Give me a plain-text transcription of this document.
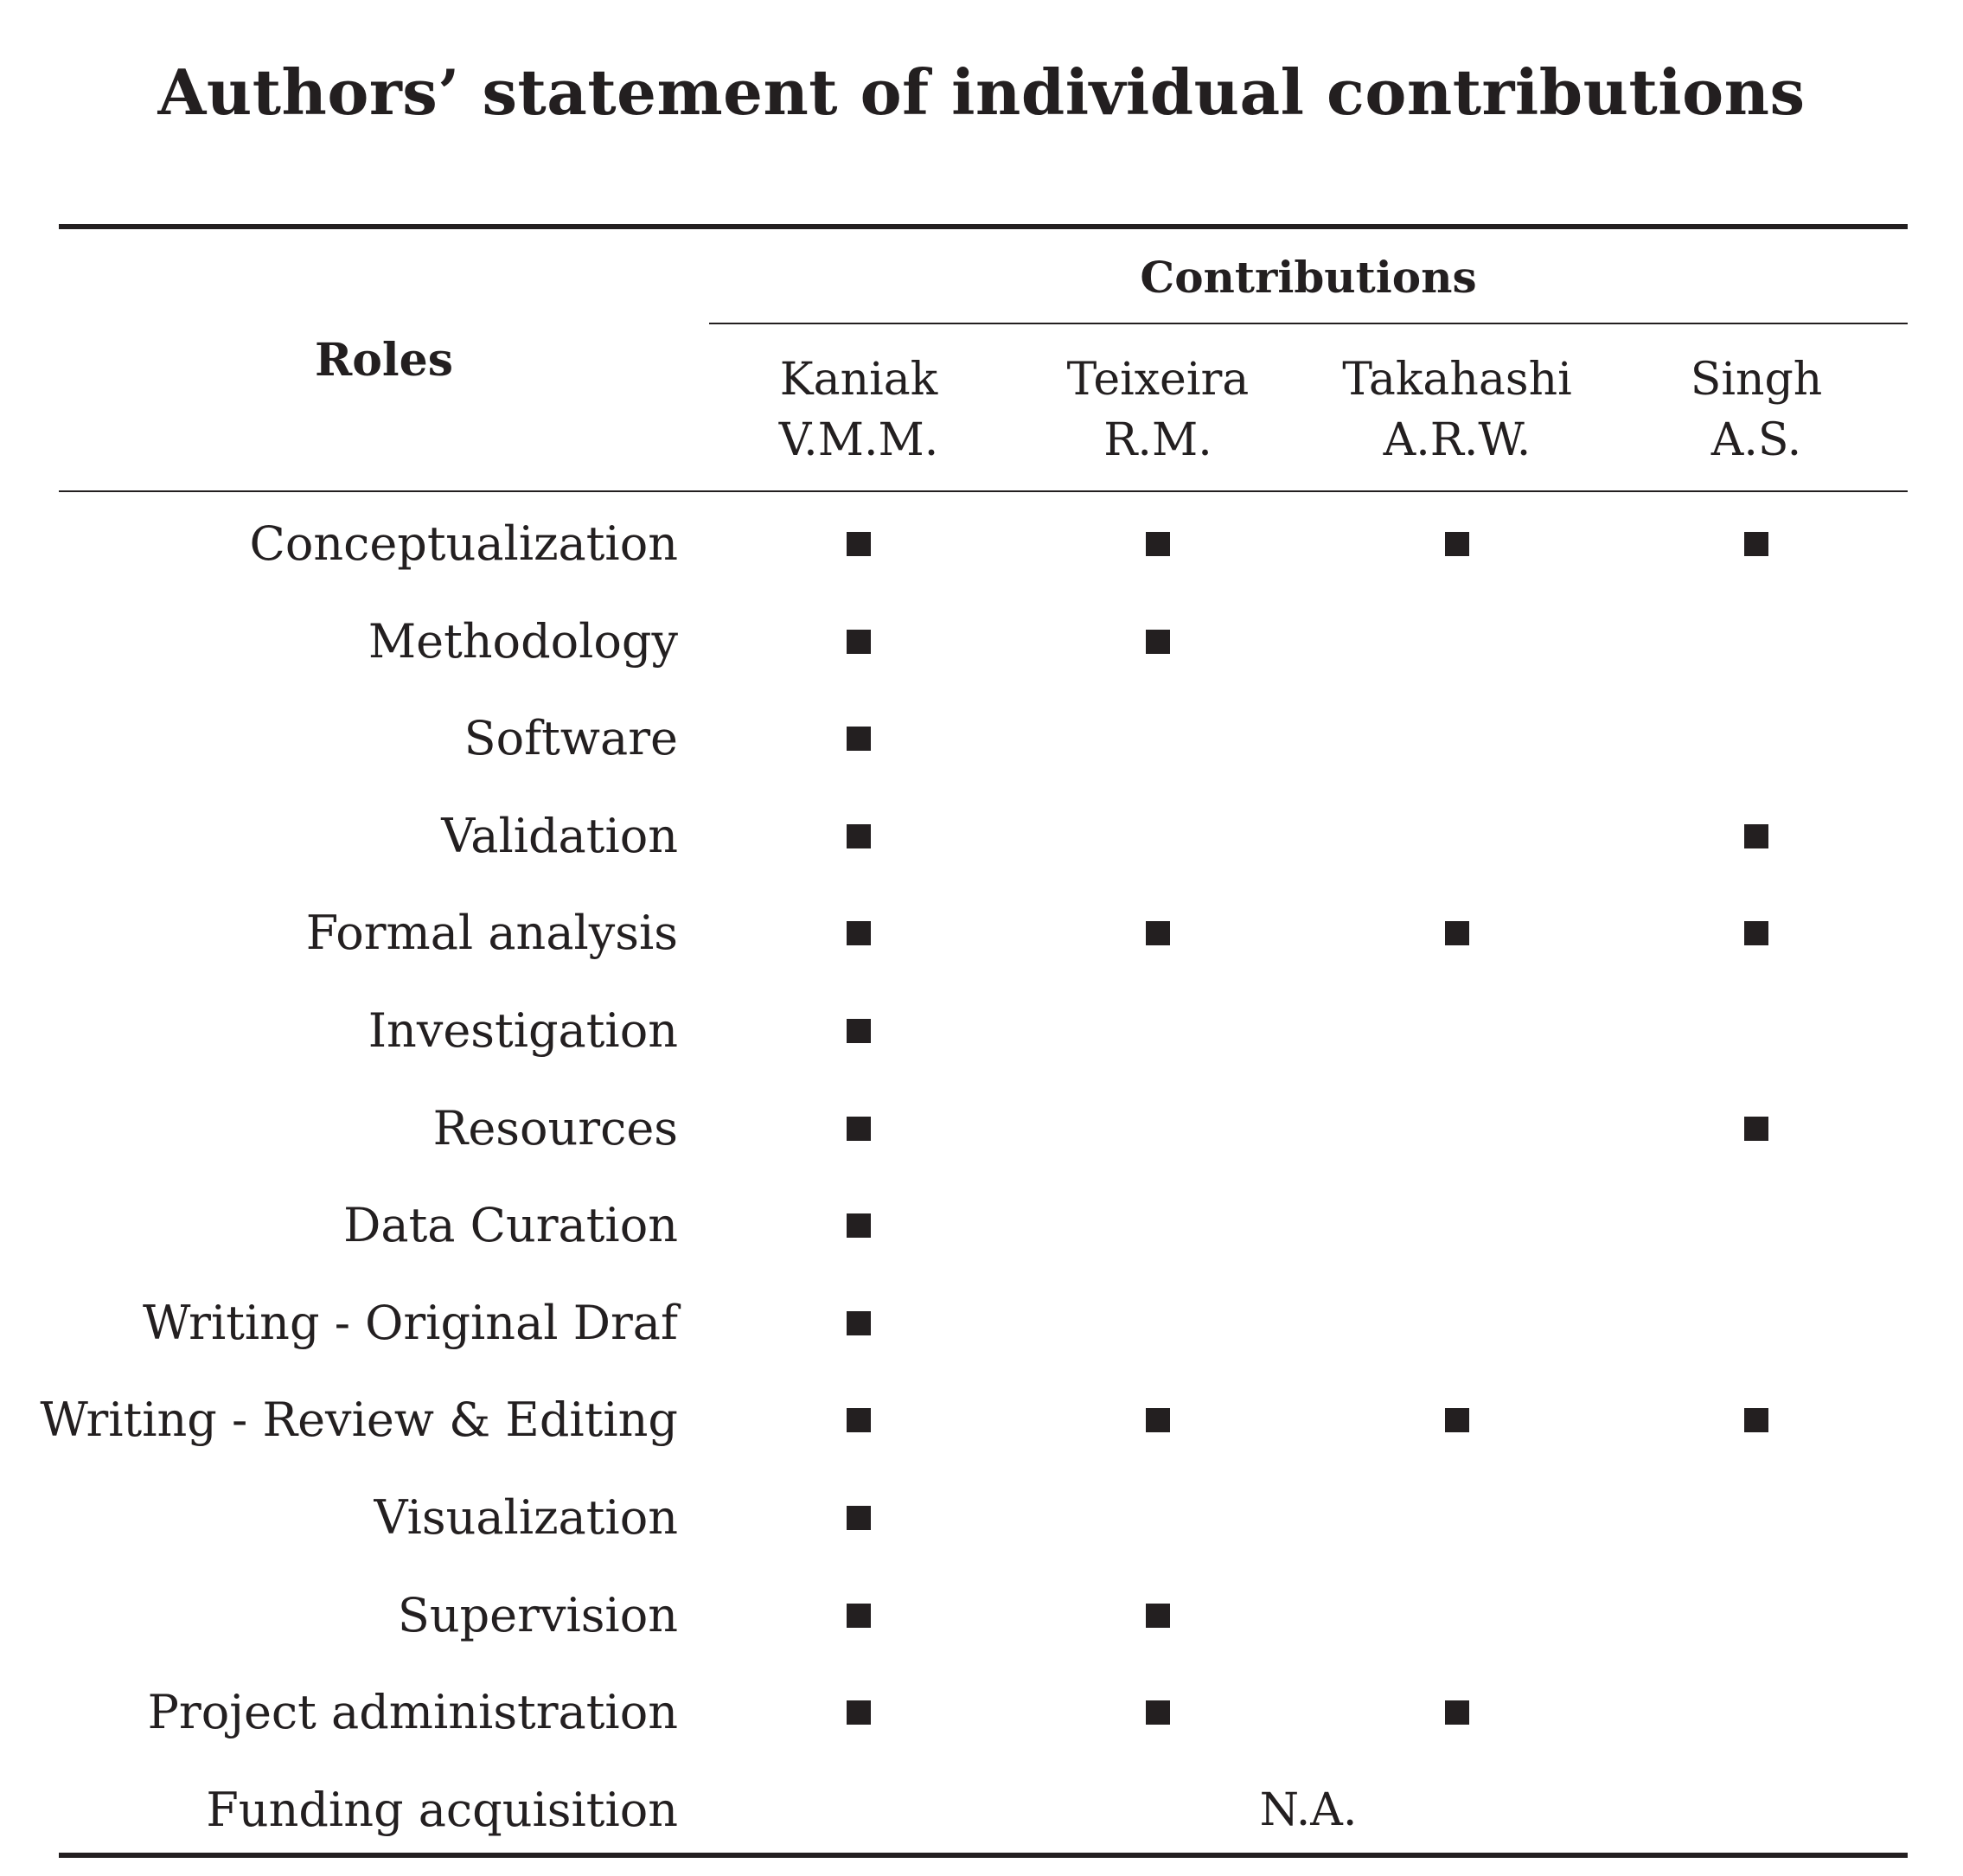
Authors’ statement of individual contributions
Contributions
Roles	Kaniak
V.M.M.
Teixeira
R.M.
Takahashi
A.R.W.
Singh
A.S.
Conceptualization
Methodology
Software
Validation
Formal analysis
Investigation
Resources
Data Curation
Writing - Original Draf
Writing - Review & Editing
Visualization
Supervision
Project administration
Funding acquisition	N.A.
